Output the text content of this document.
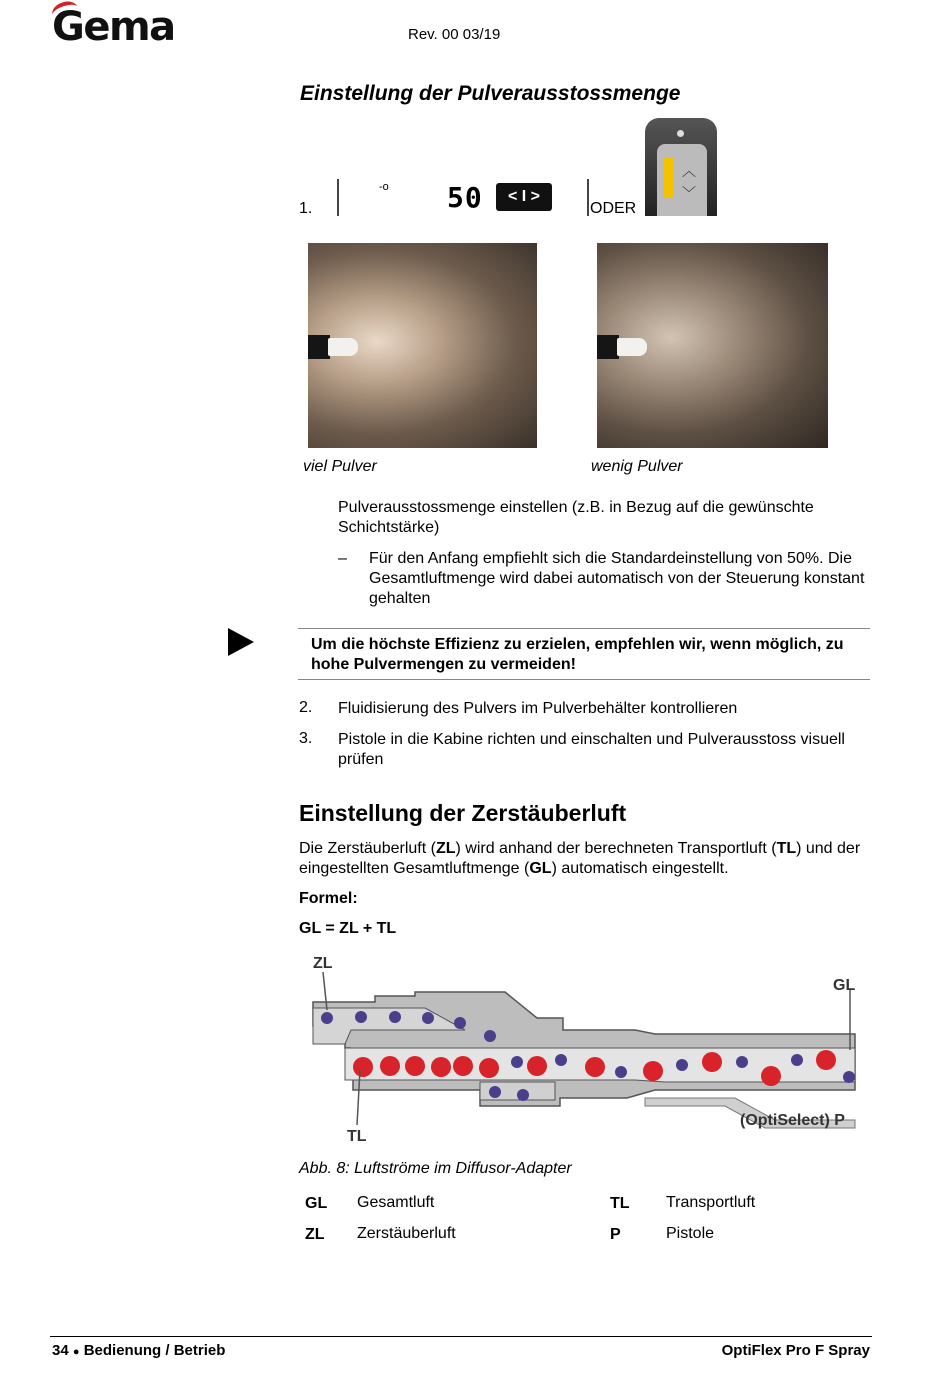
Gema	Rev. 00 03/19
Einstellung der Pulverausstossmenge
1.
-o 50	< I >
ODER
︿
﹀
viel Pulver	wenig Pulver
Pulverausstossmenge einstellen (z.B. in Bezug auf die gewünschte Schichtstärke)
– Für den Anfang empfiehlt sich die Standardeinstellung von 50%. Die Gesamtluftmenge wird dabei automatisch von der Steuerung konstant gehalten
Um die höchste Effizienz zu erzielen, empfehlen wir, wenn möglich, zu hohe Pulvermengen zu vermeiden!
2. Fluidisierung des Pulvers im Pulverbehälter kontrollieren
3. Pistole in die Kabine richten und einschalten und Pulverausstoss visuell prüfen
Einstellung der Zerstäuberluft
Die Zerstäuberluft (ZL) wird anhand der berechneten Transportluft (TL) und der eingestellten Gesamtluftmenge (GL) automatisch eingestellt.
Formel:
GL = ZL + TL
ZL
GL
TL
(OptiSelect) P
Abb. 8: Luftströme im Diffusor-Adapter
GL Gesamtluft	TL Transportluft
ZL Zerstäuberluft	P	Pistole
34 ● Bedienung / Betrieb	OptiFlex Pro F Spray
